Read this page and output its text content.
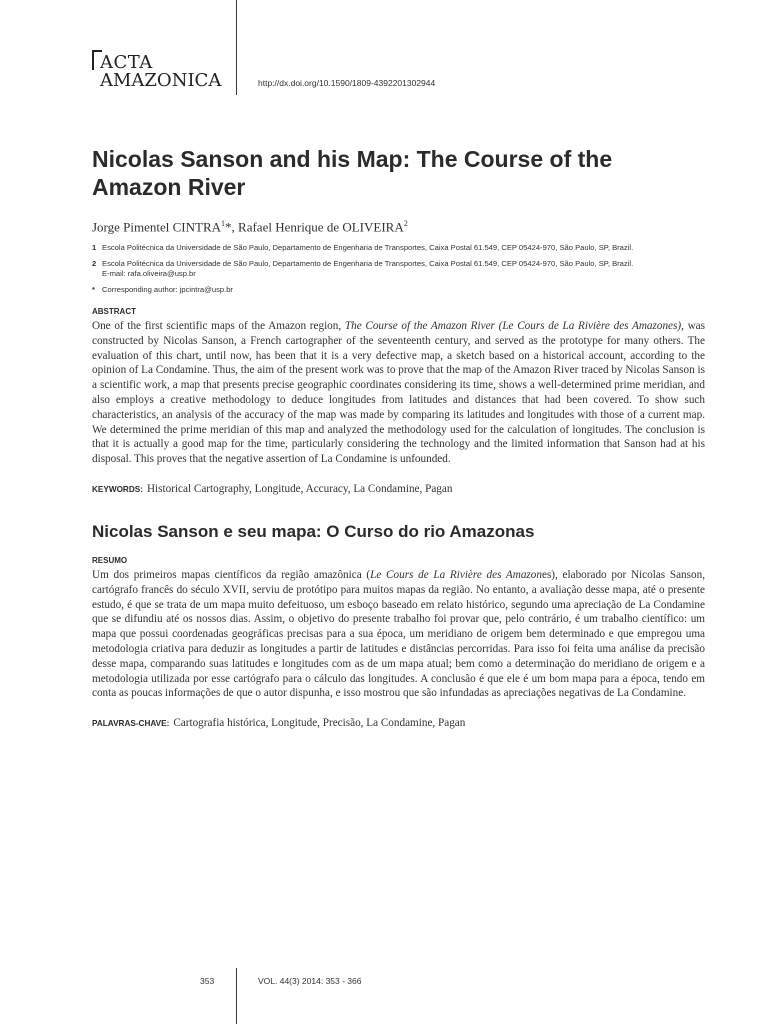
ACTA
AMAZONICA	http://dx.doi.org/10.1590/1809-4392201302944
Nicolas Sanson and his Map: The Course of the Amazon River
Jorge Pimentel CINTRA$^1$*, Rafael Henrique de OLIVEIRA$^2$
1 Escola Politécnica da Universidade de São Paulo, Departamento de Engenharia de Transportes, Caixa Postal 61.549, CEP 05424-970, São Paulo, SP, Brazil.
2 Escola Politécnica da Universidade de São Paulo, Departamento de Engenharia de Transportes, Caixa Postal 61.549, CEP 05424-970, São Paulo, SP, Brazil.
E-mail: rafa.oliveira@usp.br
* Corresponding author: jpcintra@usp.br
ABSTRACT

One of the first scientific maps of the Amazon region, The Course of the Amazon River (Le Cours de La Rivière des Amazones), was constructed by Nicolas Sanson, a French cartographer of the seventeenth century, and served as the prototype for many others. The evaluation of this chart, until now, has been that it is a very defective map, a sketch based on a historical account, according to the opinion of La Condamine. Thus, the aim of the present work was to prove that the map of the Amazon River traced by Nicolas Sanson is a scientific work, a map that presents precise geographic coordinates considering its time, shows a well-determined prime meridian, and also employs a creative methodology to deduce longitudes from latitudes and distances that had been covered. To show such characteristics, an analysis of the accuracy of the map was made by comparing its latitudes and longitudes with those of a current map. We determined the prime meridian of this map and analyzed the methodology used for the calculation of longitudes. The conclusion is that it is actually a good map for the time, particularly considering the technology and the limited information that Sanson had at his disposal. This proves that the negative assertion of La Condamine is unfounded.

KEYWORDS: Historical Cartography, Longitude, Accuracy, La Condamine, Pagan
Nicolas Sanson e seu mapa: O Curso do rio Amazonas
RESUMO

Um dos primeiros mapas científicos da região amazônica (Le Cours de La Rivière des Amazones), elaborado por Nicolas Sanson, cartógrafo francês do século XVII, serviu de protótipo para muitos mapas da região. No entanto, a avaliação desse mapa, até o presente estudo, é que se trata de um mapa muito defeituoso, um esboço baseado em relato histórico, segundo uma apreciação de La Condamine que se difundiu até os nossos dias. Assim, o objetivo do presente trabalho foi provar que, pelo contrário, é um trabalho científico: um mapa que possui coordenadas geográficas precisas para a sua época, um meridiano de origem bem determinado e que empregou uma metodologia criativa para deduzir as longitudes a partir de latitudes e distâncias percorridas. Para isso foi feita uma análise da precisão desse mapa, comparando suas latitudes e longitudes com as de um mapa atual; bem como a determinação do meridiano de origem e a metodologia utilizada por esse cartógrafo para o cálculo das longitudes. A conclusão é que ele é um bom mapa para a época, tendo em conta as poucas informações de que o autor dispunha, e isso mostrou que são infundadas as apreciações negativas de La Condamine.

PALAVRAS-CHAVE: Cartografia histórica, Longitude, Precisão, La Condamine, Pagan
353	VOL. 44(3) 2014: 353 - 366
